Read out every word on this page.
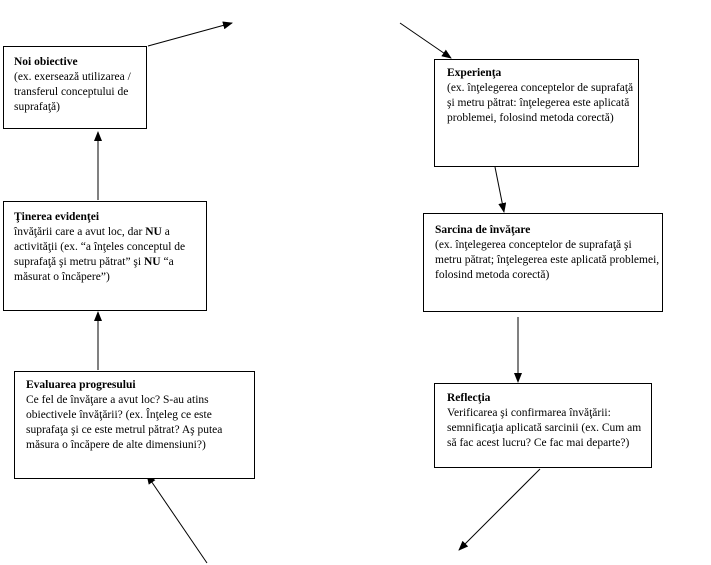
Noi obiective
(ex. exersează utilizarea / transferul conceptului de suprafaţă)
Ţinerea evidenţei
învăţării care a avut loc, dar NU a activităţii (ex. “a înţeles conceptul de suprafaţă şi metru pătrat” şi NU “a măsurat o încăpere”)
Evaluarea progresului
Ce fel de învăţare a avut loc? S-au atins obiectivele învăţării? (ex. Înţeleg ce este suprafaţa şi ce este metrul pătrat? Aş putea măsura o încăpere de alte dimensiuni?)
Experienţa
(ex. înţelegerea conceptelor de suprafaţă şi metru pătrat: înţelegerea este aplicată problemei, folosind metoda corectă)
Sarcina de învăţare
(ex. înţelegerea conceptelor de suprafaţă şi metru pătrat; înţelegerea este aplicată problemei, folosind metoda corectă)
Reflecţia
Verificarea şi confirmarea învăţării: semnificaţia aplicată sarcinii (ex. Cum am să fac acest lucru? Ce fac mai departe?)
